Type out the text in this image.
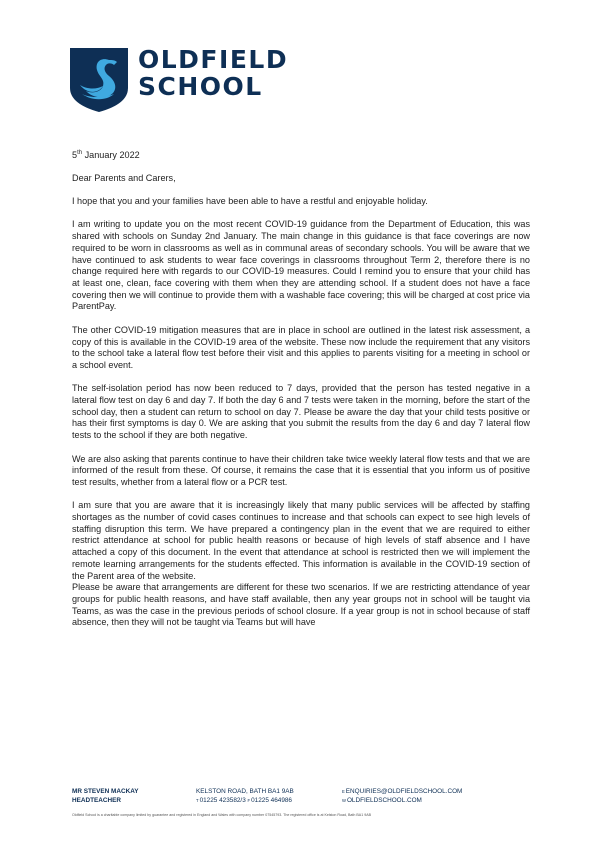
OLDFIELD
SCHOOL

5th January 2022

Dear Parents and Carers,

I hope that you and your families have been able to have a restful and enjoyable holiday.

I am writing to update you on the most recent COVID-19 guidance from the Department of Education, this was shared with schools on Sunday 2nd January. The main change in this guidance is that face coverings are now required to be worn in classrooms as well as in communal areas of secondary schools. You will be aware that we have continued to ask students to wear face coverings in classrooms throughout Term 2, therefore there is no change required here with regards to our COVID-19 measures. Could I remind you to ensure that your child has at least one, clean, face covering with them when they are attending school. If a student does not have a face covering then we will continue to provide them with a washable face covering; this will be charged at cost price via ParentPay.

The other COVID-19 mitigation measures that are in place in school are outlined in the latest risk assessment, a copy of this is available in the COVID-19 area of the website. These now include the requirement that any visitors to the school take a lateral flow test before their visit and this applies to parents visiting for a meeting in school or a school event.

The self-isolation period has now been reduced to 7 days, provided that the person has tested negative in a lateral flow test on day 6 and day 7. If both the day 6 and 7 tests were taken in the morning, before the start of the school day, then a student can return to school on day 7. Please be aware the day that your child tests positive or has their first symptoms is day 0. We are asking that you submit the results from the day 6 and day 7 lateral flow tests to the school if they are both negative.

We are also asking that parents continue to have their children take twice weekly lateral flow tests and that we are informed of the result from these. Of course, it remains the case that it is essential that you inform us of positive test results, whether from a lateral flow or a PCR test.

I am sure that you are aware that it is increasingly likely that many public services will be affected by staffing shortages as the number of covid cases continues to increase and that schools can expect to see high levels of staffing disruption this term. We have prepared a contingency plan in the event that we are required to either restrict attendance at school for public health reasons or because of high levels of staff absence and I have attached a copy of this document. In the event that attendance at school is restricted then we will implement the remote learning arrangements for the students effected. This information is available in the COVID-19 section of the Parent area of the website.

Please be aware that arrangements are different for these two scenarios. If we are restricting attendance of year groups for public health reasons, and have staff available, then any year groups not in school will be taught via Teams, as was the case in the previous periods of school closure. If a year group is not in school because of staff absence, then they will not be taught via Teams but will have

MR STEVEN MACKAY
HEADTEACHER
KELSTON ROAD, BATH BA1 9AB
T01225 423582/3 F01225 464986
EENQUIRIES@OLDFIELDSCHOOL.COM
WOLDFIELDSCHOOL.COM
Oldfield School is a charitable company limited by guarantee and registered in England and Wales with company number 07545793. The registered office is at Kelston Road, Bath BA1 9AB
